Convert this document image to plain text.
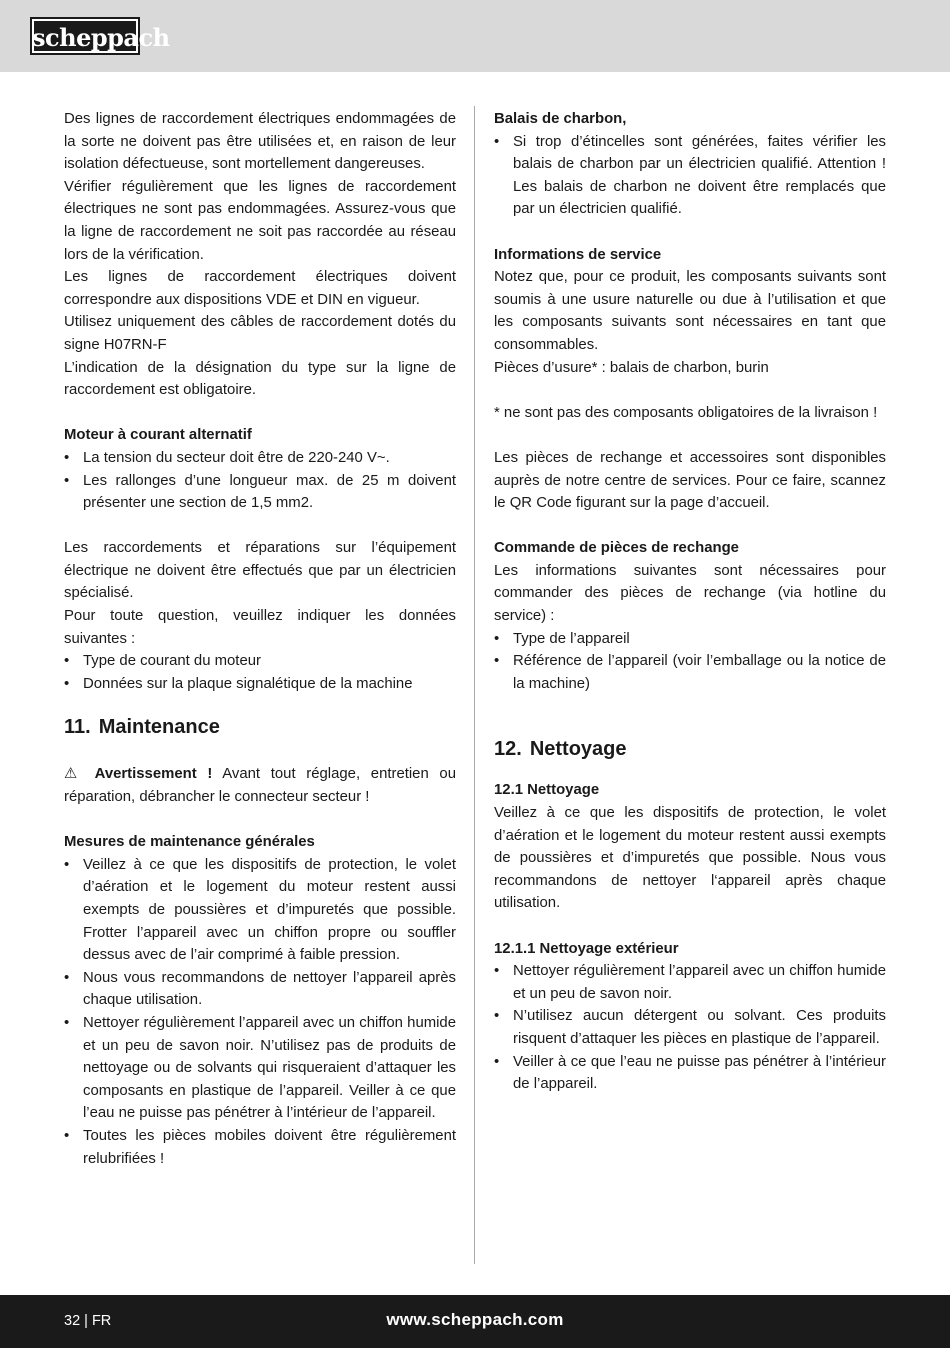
scheppach

Des lignes de raccordement électriques endommagées de la sorte ne doivent pas être utilisées et, en raison de leur isolation défectueuse, sont mortellement dangereuses.

Vérifier régulièrement que les lignes de raccordement électriques ne sont pas endommagées. Assurez-vous que la ligne de raccordement ne soit pas raccordée au réseau lors de la vérification.

Les lignes de raccordement électriques doivent correspondre aux dispositions VDE et DIN en vigueur.

Utilisez uniquement des câbles de raccordement dotés du signe H07RN-F

L’indication de la désignation du type sur la ligne de raccordement est obligatoire.

Moteur à courant alternatif

• La tension du secteur doit être de 220-240 V~.
• Les rallonges d’une longueur max. de 25 m doivent présenter une section de 1,5 mm2.

Les raccordements et réparations sur l’équipement électrique ne doivent être effectués que par un électricien spécialisé.

Pour toute question, veuillez indiquer les données suivantes :

• Type de courant du moteur
• Données sur la plaque signalétique de la machine
11. Maintenance

⚠ Avertissement ! Avant tout réglage, entretien ou réparation, débrancher le connecteur secteur !

Mesures de maintenance générales

• Veillez à ce que les dispositifs de protection, le volet d’aération et le logement du moteur restent aussi exempts de poussières et d’impuretés que possible. Frotter l’appareil avec un chiffon propre ou souffler dessus avec de l’air comprimé à faible pression.
• Nous vous recommandons de nettoyer l’appareil après chaque utilisation.
• Nettoyer régulièrement l’appareil avec un chiffon humide et un peu de savon noir. N’utilisez pas de produits de nettoyage ou de solvants qui risqueraient d’attaquer les composants en plastique de l’appareil. Veiller à ce que l’eau ne puisse pas pénétrer à l’intérieur de l’appareil.
• Toutes les pièces mobiles doivent être régulièrement relubrifiées !

Balais de charbon,

• Si trop d’étincelles sont générées, faites vérifier les balais de charbon par un électricien qualifié. Attention ! Les balais de charbon ne doivent être remplacés que par un électricien qualifié.

Informations de service

Notez que, pour ce produit, les composants suivants sont soumis à une usure naturelle ou due à l’utilisation et que les composants suivants sont nécessaires en tant que consommables.

Pièces d’usure* : balais de charbon, burin

* ne sont pas des composants obligatoires de la livraison !

Les pièces de rechange et accessoires sont disponibles auprès de notre centre de services. Pour ce faire, scannez le QR Code figurant sur la page d’accueil.

Commande de pièces de rechange

Les informations suivantes sont nécessaires pour commander des pièces de rechange (via hotline du service) :

• Type de l’appareil
• Référence de l’appareil (voir l’emballage ou la notice de la machine)
12. Nettoyage

12.1 Nettoyage

Veillez à ce que les dispositifs de protection, le volet d’aération et le logement du moteur restent aussi exempts de poussières et d’impuretés que possible. Nous vous recommandons de nettoyer l‘appareil après chaque utilisation.

12.1.1 Nettoyage extérieur

• Nettoyer régulièrement l’appareil avec un chiffon humide et un peu de savon noir.
• N’utilisez aucun détergent ou solvant. Ces produits risquent d’attaquer les pièces en plastique de l’appareil.
• Veiller à ce que l’eau ne puisse pas pénétrer à l’intérieur de l’appareil.
32 | FR	www.scheppach.com
